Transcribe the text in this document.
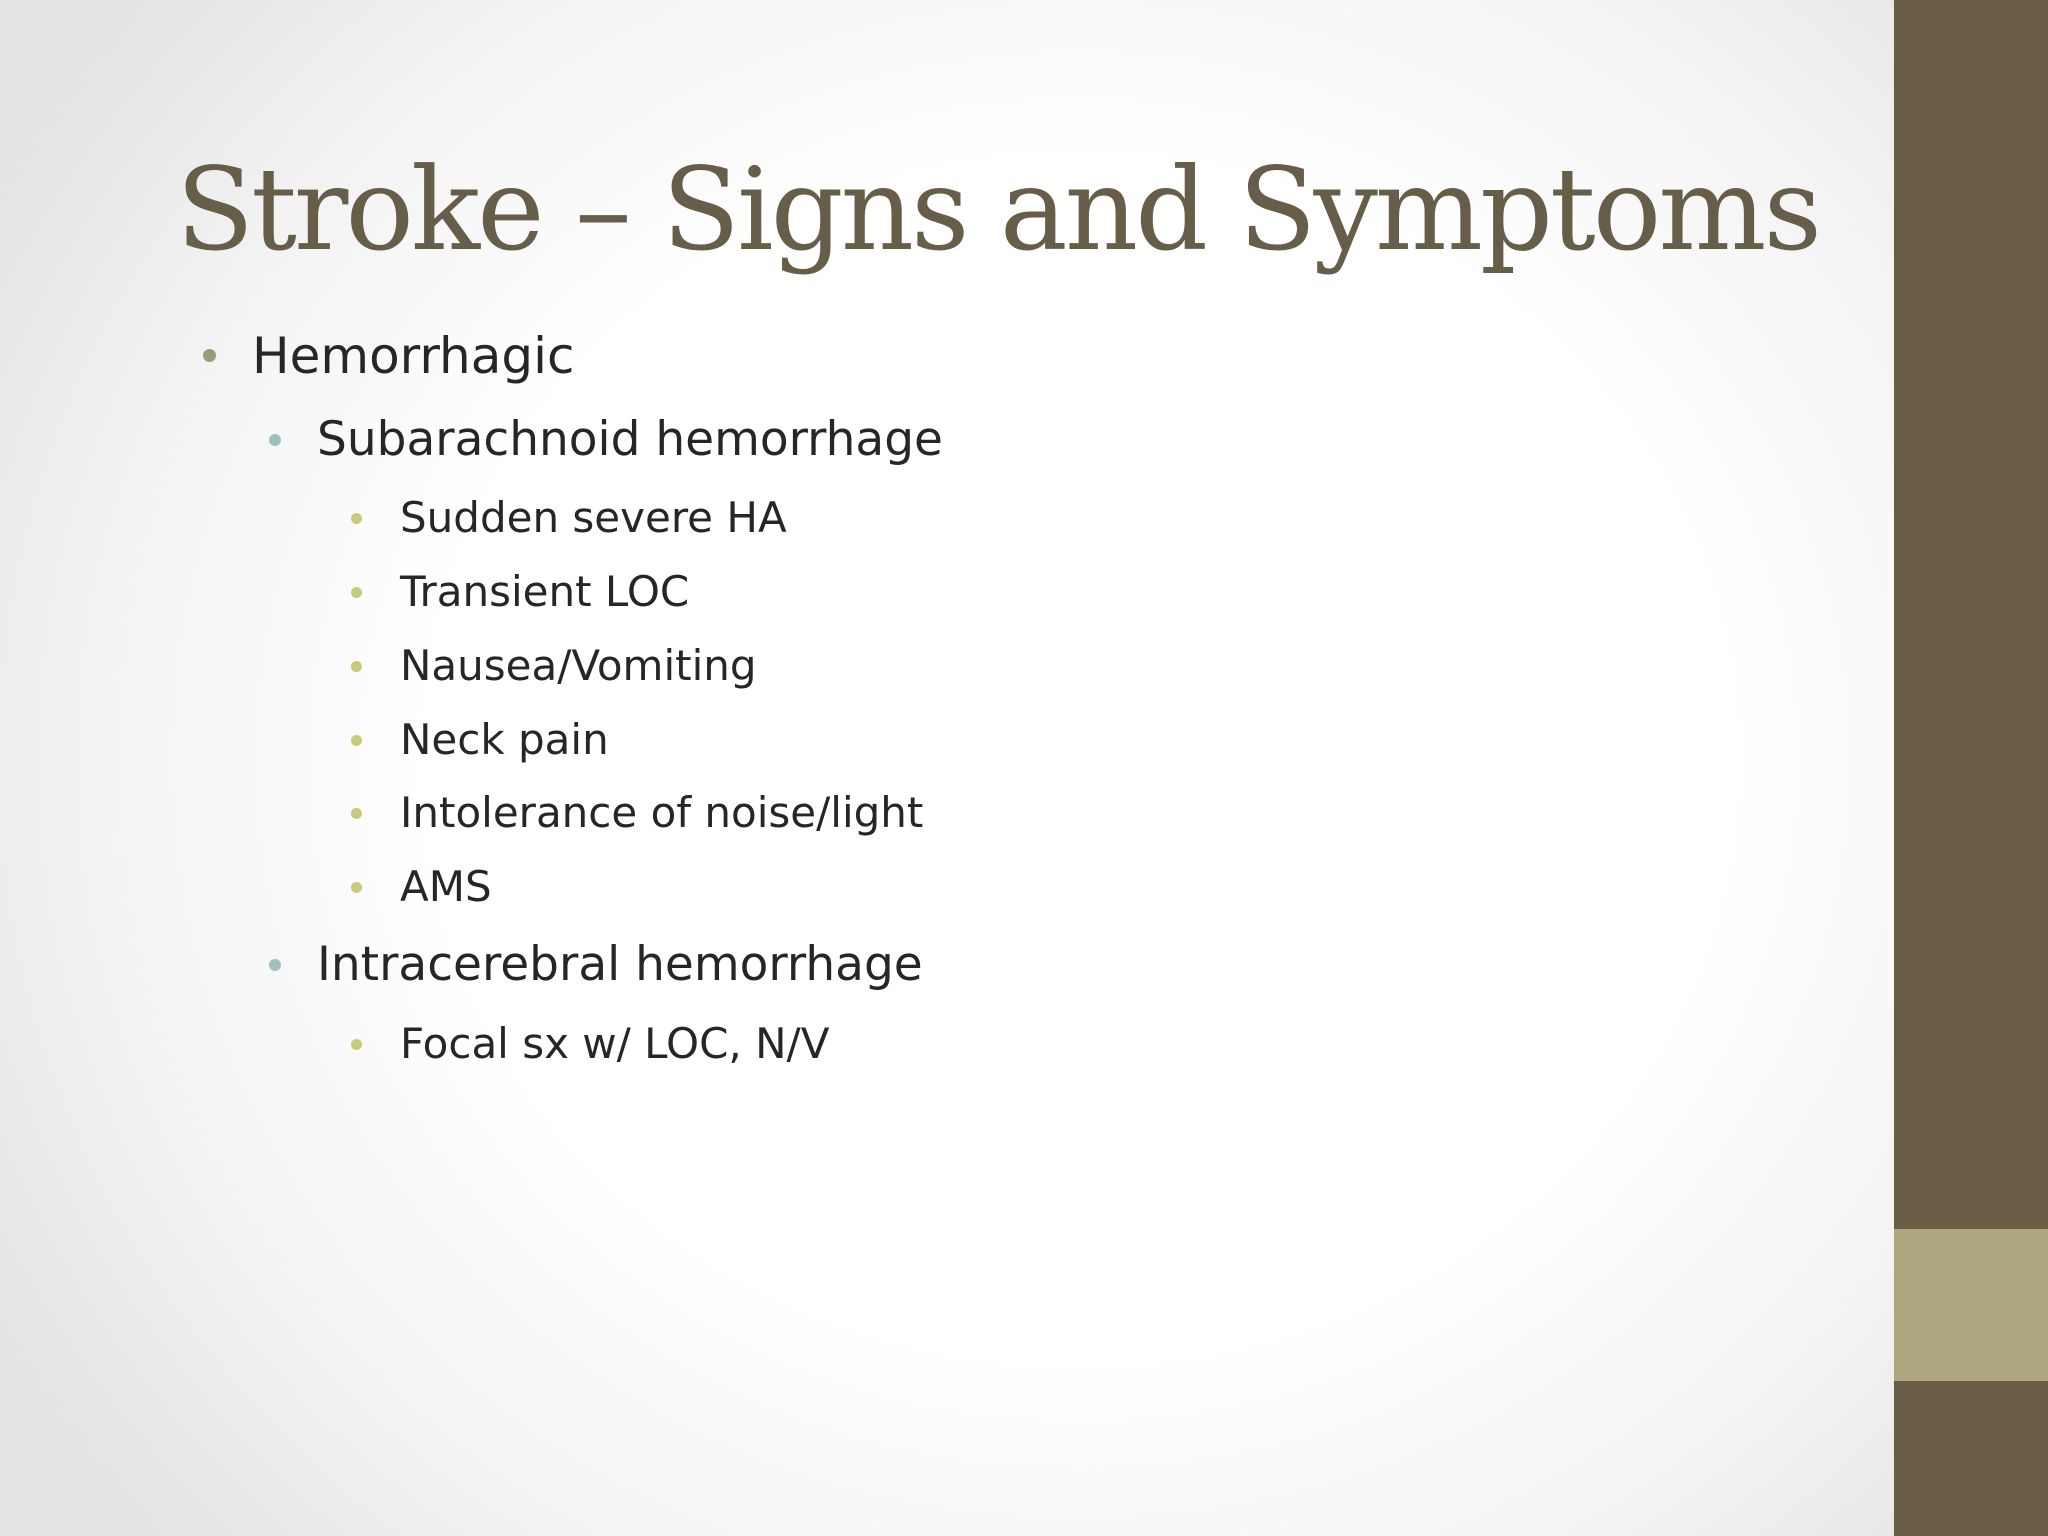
Stroke – Signs and Symptoms
Hemorrhagic
Subarachnoid hemorrhage
Sudden severe HA
Transient LOC
Nausea/Vomiting
Neck pain
Intolerance of noise/light
AMS
Intracerebral hemorrhage
Focal sx w/ LOC, N/V
